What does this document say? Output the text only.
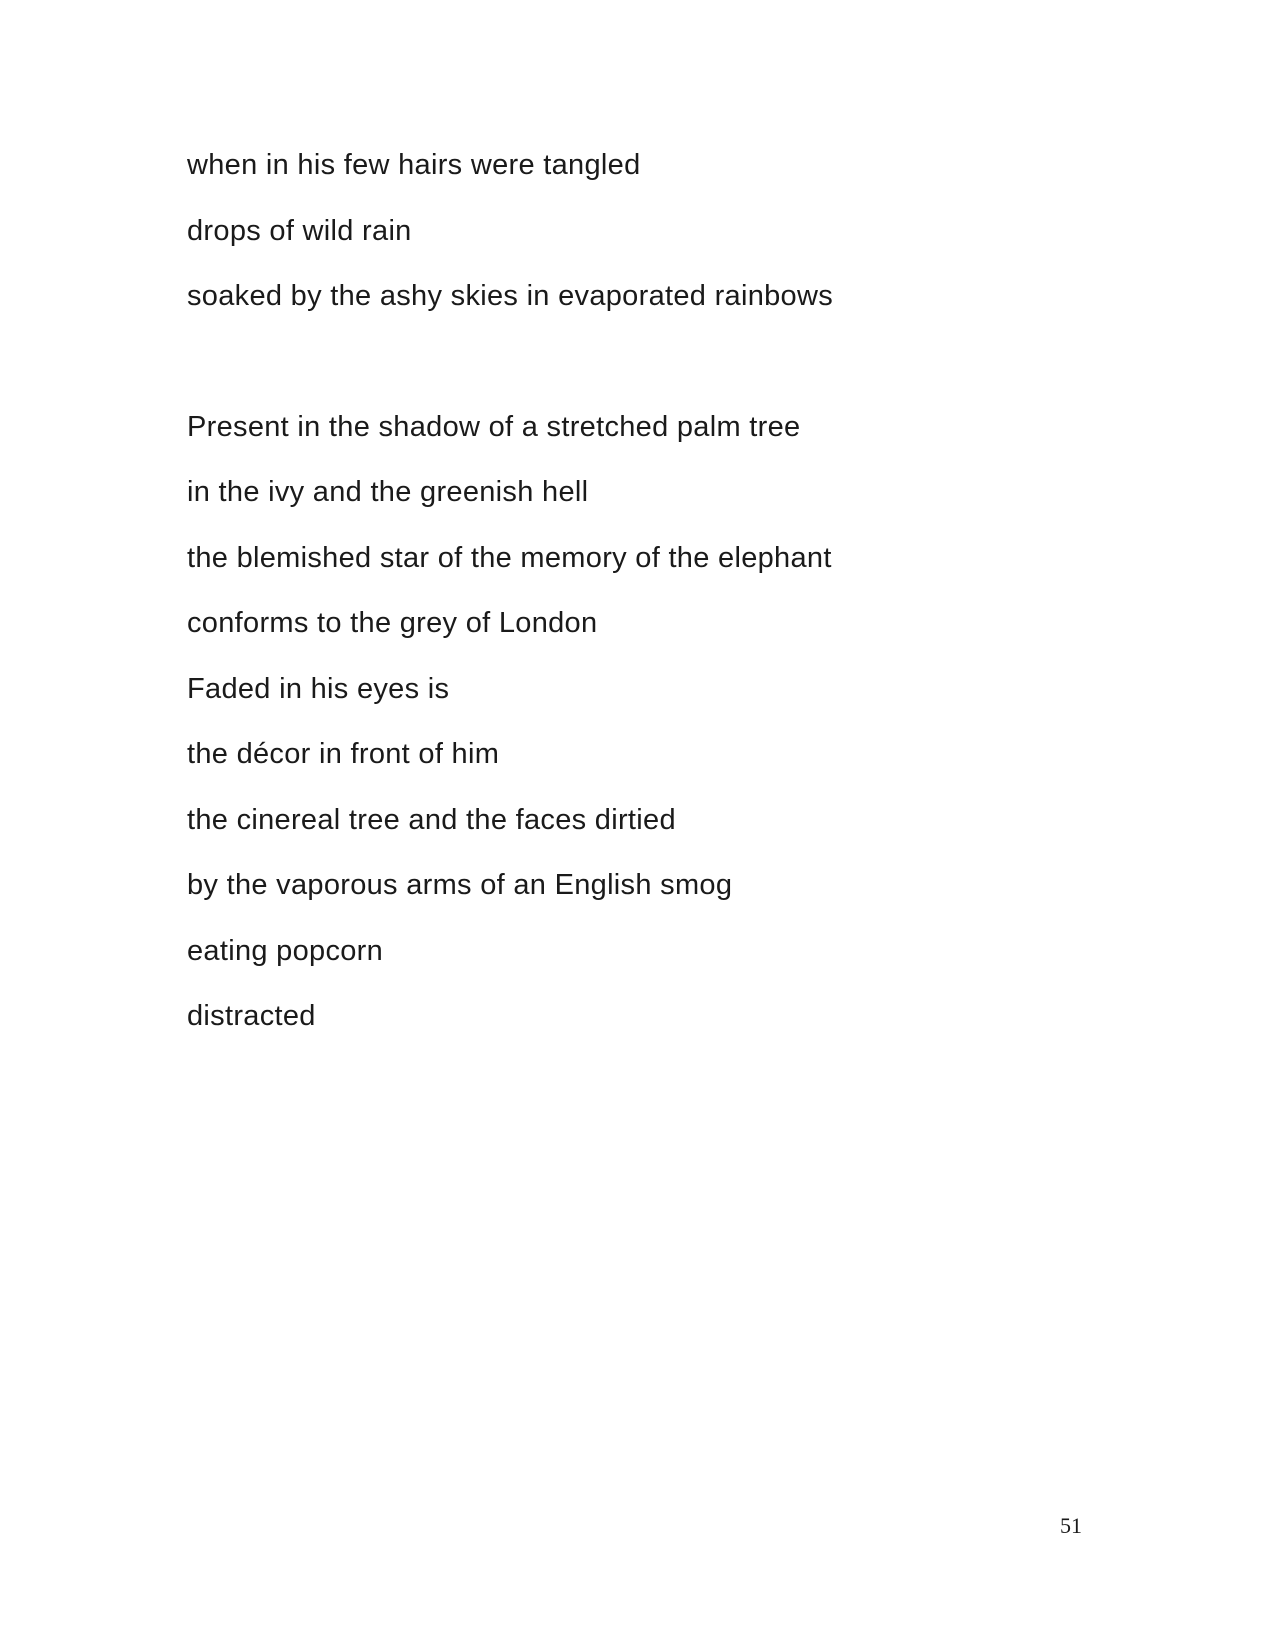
when in his few hairs were tangled
drops of wild rain
soaked by the ashy skies in evaporated rainbows
Present in the shadow of a stretched palm tree
in the ivy and the greenish hell
the blemished star of the memory of the elephant
conforms to the grey of London
Faded in his eyes is
the décor in front of him
the cinereal tree and the faces dirtied
by the vaporous arms of an English smog
eating popcorn
distracted
51
